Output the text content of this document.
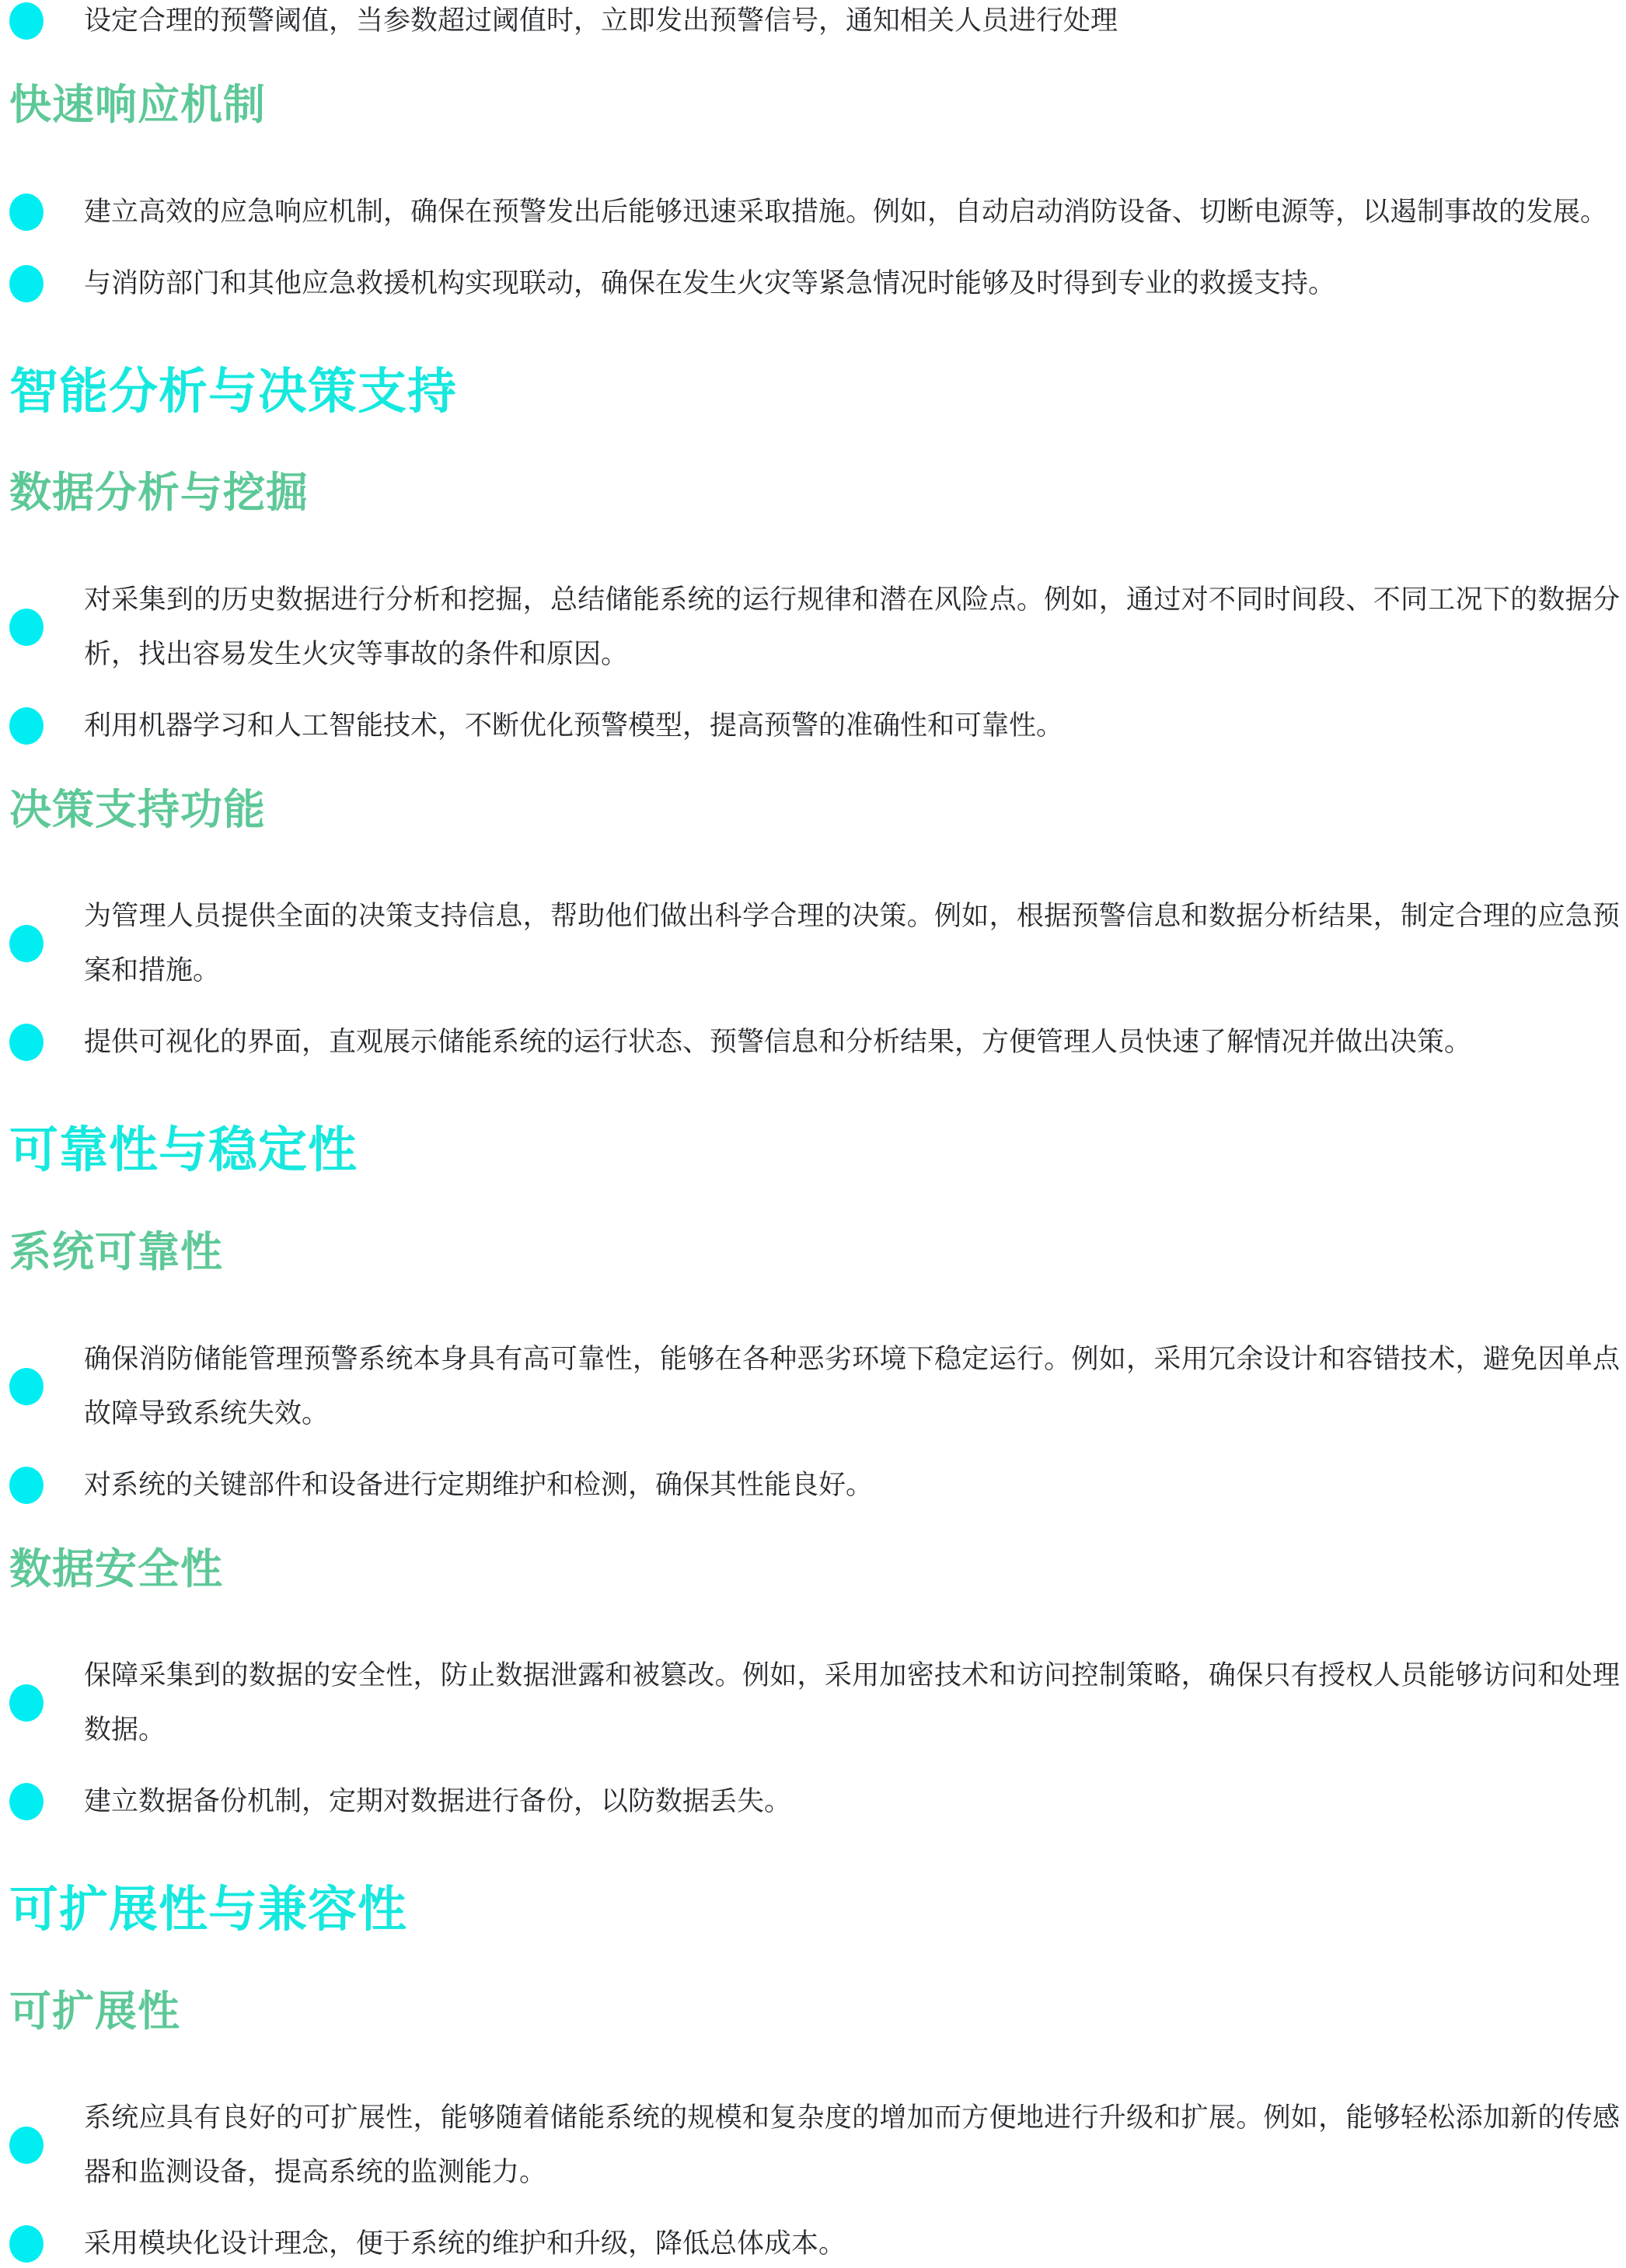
设定合理的预警阈值，当参数超过阈值时，立即发出预警信号，通知相关人员进行处理

快速响应机制

建立高效的应急响应机制，确保在预警发出后能够迅速采取措施。例如，自动启动消防设备、切断电源等，以遏制事故的发展。

与消防部门和其他应急救援机构实现联动，确保在发生火灾等紧急情况时能够及时得到专业的救援支持。

智能分析与决策支持
数据分析与挖掘

对采集到的历史数据进行分析和挖掘，总结储能系统的运行规律和潜在风险点。例如，通过对不同时间段、不同工况下的数据分析，找出容易发生火灾等事故的条件和原因。

利用机器学习和人工智能技术，不断优化预警模型，提高预警的准确性和可靠性。

决策支持功能

为管理人员提供全面的决策支持信息，帮助他们做出科学合理的决策。例如，根据预警信息和数据分析结果，制定合理的应急预案和措施。

提供可视化的界面，直观展示储能系统的运行状态、预警信息和分析结果，方便管理人员快速了解情况并做出决策。

可靠性与稳定性
系统可靠性

确保消防储能管理预警系统本身具有高可靠性，能够在各种恶劣环境下稳定运行。例如，采用冗余设计和容错技术，避免因单点故障导致系统失效。

对系统的关键部件和设备进行定期维护和检测，确保其性能良好。

数据安全性

保障采集到的数据的安全性，防止数据泄露和被篡改。例如，采用加密技术和访问控制策略，确保只有授权人员能够访问和处理数据。

建立数据备份机制，定期对数据进行备份，以防数据丢失。

可扩展性与兼容性
可扩展性

系统应具有良好的可扩展性，能够随着储能系统的规模和复杂度的增加而方便地进行升级和扩展。例如，能够轻松添加新的传感器和监测设备，提高系统的监测能力。

采用模块化设计理念，便于系统的维护和升级，降低总体成本。
